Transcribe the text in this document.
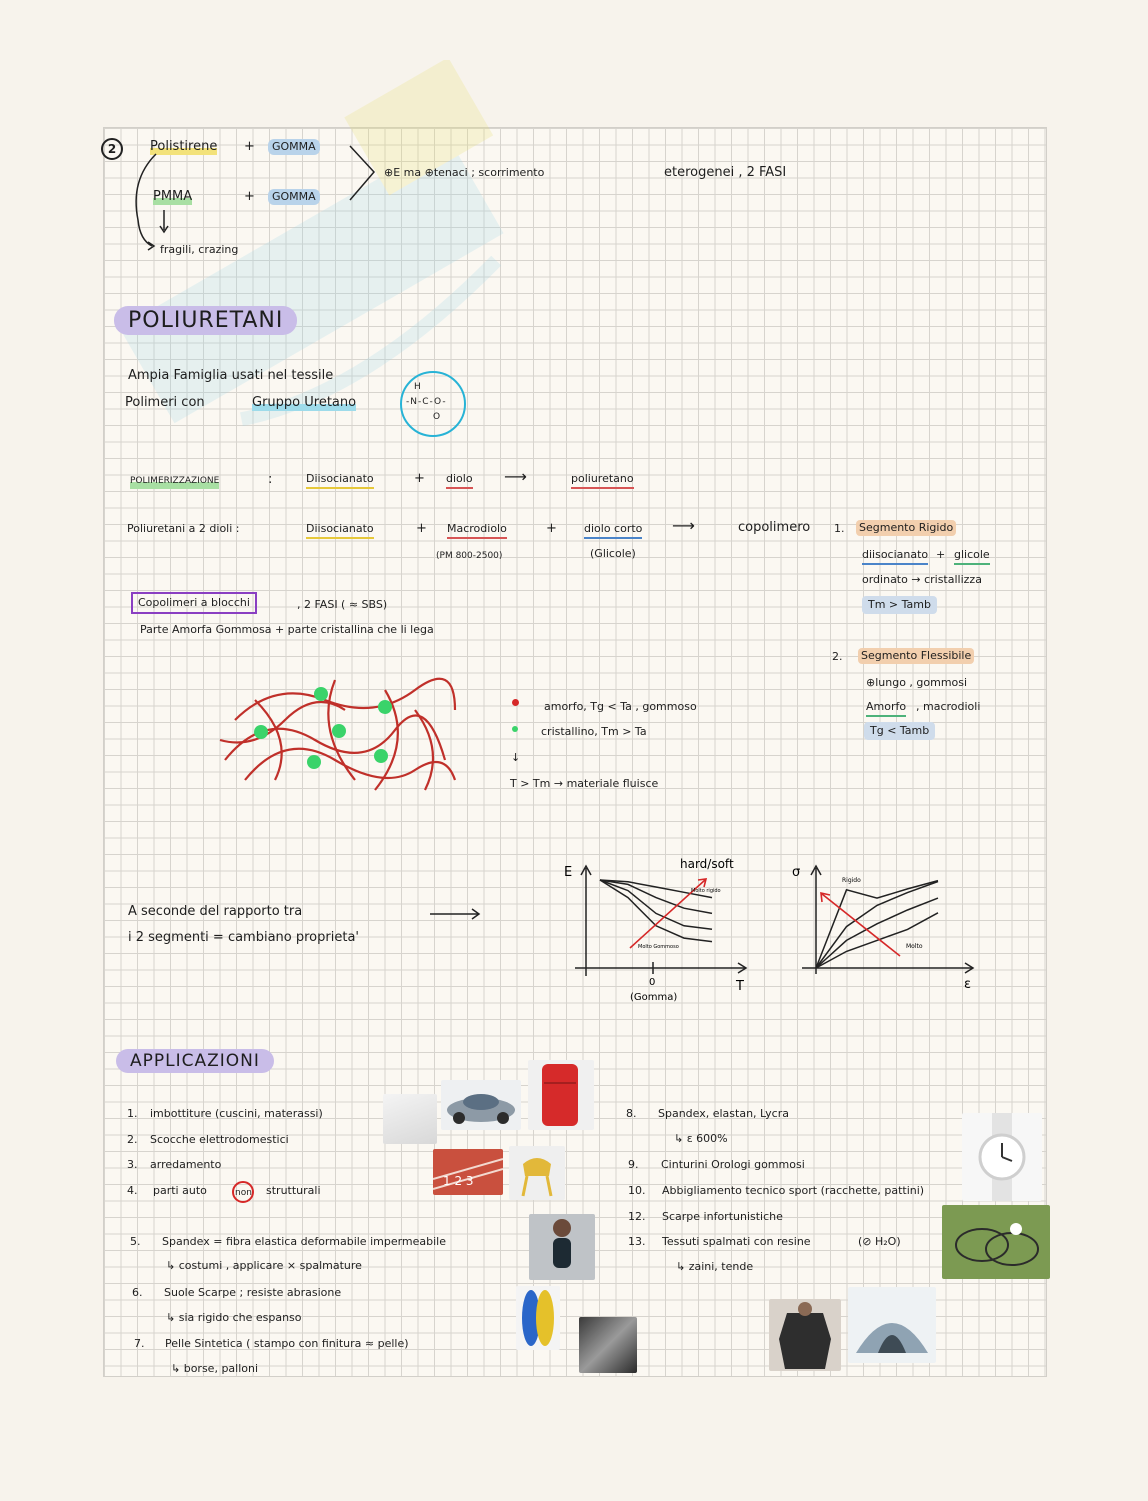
2	Polistirene +	GOMMA
PMMA	+	GOMMA
⊕E ma ⊕tenaci ; scorrimento	eterogenei , 2 FASI
fragili, crazing
POLIURETANI
Ampia Famiglia usati nel tessile
Polimeri con	Gruppo Uretano
H
-N-C-O-
O
POLIMERIZZAZIONE	:	Diisocianato	+ diolo ⟶	poliuretano
Poliuretani a 2 dioli :	Diisocianato	+ Macrodiolo
(PM 800-2500)
+ diolo corto
(Glicole)
⟶	copolimero 1. Segmento Rigido
diisocianato + glicole
ordinato → cristallizza
Tm > Tamb
2. Segmento Flessibile
⊕lungo , gommosi
Amorfo , macrodioli
Tg < Tamb
Copolimeri a blocchi	, 2 FASI ( ≈ SBS)
Parte Amorfa Gommosa + parte cristallina che li lega
amorfo, Tg < Ta , gommoso
cristallino, Tm > Ta
↓
T > Tm → materiale fluisce
A seconde del rapporto tra
i 2 segmenti = cambiano proprieta'
E
T
hard/soft
Molto rigido
Molto Gommoso
0
(Gomma)
σ
ε
Rigido
Molto
APPLICAZIONI
1. imbottiture (cuscini, materassi)
2. Scocche elettrodomestici
3. arredamento
4. parti auto	non strutturali
5. Spandex = fibra elastica deformabile impermeabile
↳ costumi , applicare × spalmature
6. Suole Scarpe ; resiste abrasione
↳ sia rigido che espanso
7. Pelle Sintetica ( stampo con finitura ≈ pelle)
↳ borse, palloni
8. Spandex, elastan, Lycra
↳ ε 600%
9. Cinturini Orologi gommosi
10. Abbigliamento tecnico sport (racchette, pattini)
12. Scarpe infortunistiche
13. Tessuti spalmati con resine	(⊘ H₂O)
↳ zaini, tende
1 2 3
